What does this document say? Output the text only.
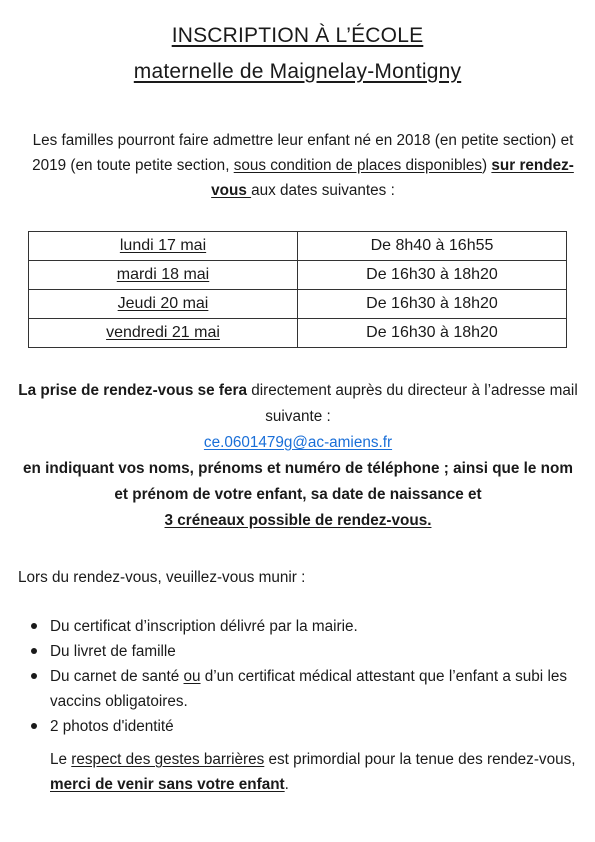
INSCRIPTION À L’ÉCOLE
maternelle de Maignelay-Montigny
Les familles pourront faire admettre leur enfant né en 2018 (en petite section) et 2019 (en toute petite section, sous condition de places disponibles) sur rendez-vous aux dates suivantes :
lundi 17 mai	De 8h40 à 16h55
mardi 18 mai	De 16h30 à 18h20
Jeudi 20 mai	De 16h30 à 18h20
vendredi 21 mai	De 16h30 à 18h20
La prise de rendez-vous se fera directement auprès du directeur à l’adresse mail suivante :
ce.0601479g@ac-amiens.fr
en indiquant vos noms, prénoms et numéro de téléphone ; ainsi que le nom et prénom de votre enfant, sa date de naissance et
3 créneaux possible de rendez-vous.
Lors du rendez-vous, veuillez-vous munir :
Du certificat d’inscription délivré par la mairie.
Du livret de famille
Du carnet de santé ou d’un certificat médical attestant que l’enfant a subi les vaccins obligatoires.
2 photos d'identité
Le respect des gestes barrières est primordial pour la tenue des rendez-vous, merci de venir sans votre enfant.
